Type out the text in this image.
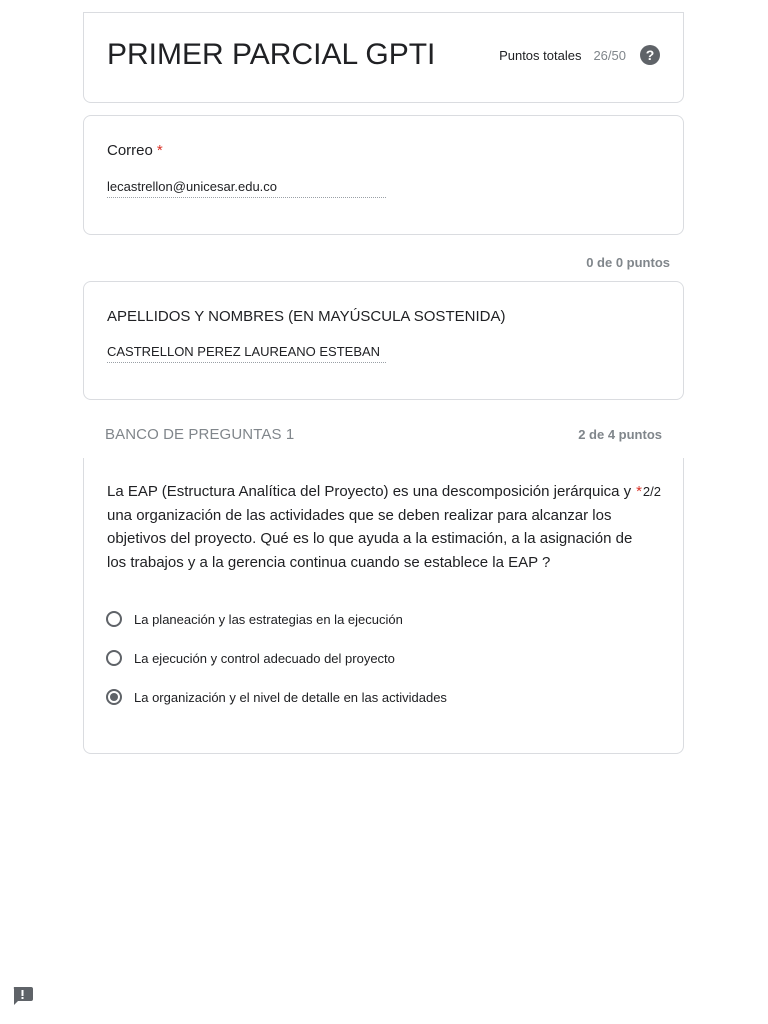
PRIMER PARCIAL GPTI	Puntos totales 26/50	?
Correo *
lecastrellon@unicesar.edu.co
0 de 0 puntos
APELLIDOS Y NOMBRES (EN MAYÚSCULA SOSTENIDA)
CASTRELLON PEREZ LAUREANO ESTEBAN
BANCO DE PREGUNTAS 1	2 de 4 puntos
La EAP (Estructura Analítica del Proyecto) es una descomposición jerárquica y una organización de las actividades que se deben realizar para alcanzar los objetivos del proyecto. Qué es lo que ayuda a la estimación, a la asignación de los trabajos y a la gerencia continua cuando se establece la EAP ?
*2/2
La planeación y las estrategias en la ejecución
La ejecución y control adecuado del proyecto
La organización y el nivel de detalle en las actividades
